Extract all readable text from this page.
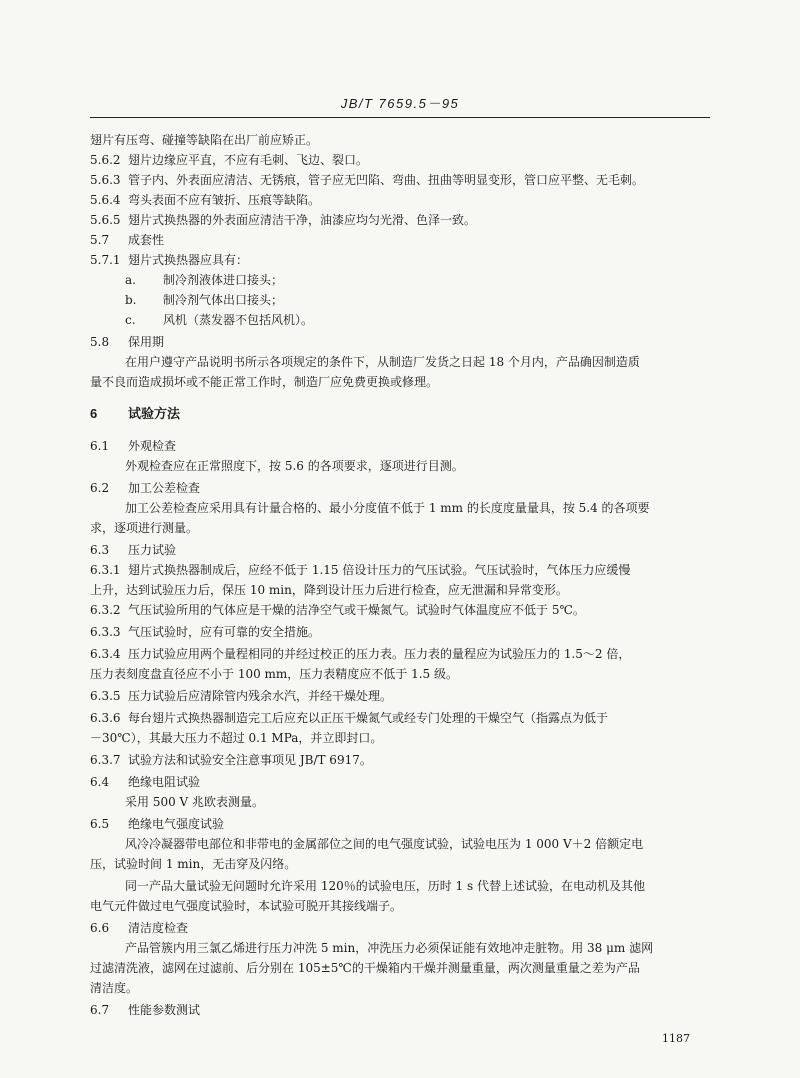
JB/T 7659.5－95
翅片有压弯、碰撞等缺陷在出厂前应矫正。
5.6.2 翅片边缘应平直，不应有毛刺、飞边、裂口。
5.6.3 管子内、外表面应清洁、无锈痕，管子应无凹陷、弯曲、扭曲等明显变形，管口应平整、无毛刺。
5.6.4 弯头表面不应有皱折、压痕等缺陷。
5.6.5 翅片式换热器的外表面应清洁干净，油漆应均匀光滑、色泽一致。
5.7 成套性
5.7.1 翅片式换热器应具有：
a. 制冷剂液体进口接头；
b. 制冷剂气体出口接头；
c. 风机（蒸发器不包括风机）。
5.8 保用期
在用户遵守产品说明书所示各项规定的条件下，从制造厂发货之日起 18 个月内，产品确因制造质
量不良而造成损坏或不能正常工作时，制造厂应免费更换或修理。
6 试验方法
6.1 外观检查
外观检查应在正常照度下，按 5.6 的各项要求，逐项进行目测。
6.2 加工公差检查
加工公差检查应采用具有计量合格的、最小分度值不低于 1 mm 的长度度量量具，按 5.4 的各项要
求，逐项进行测量。
6.3 压力试验
6.3.1 翅片式换热器制成后，应经不低于 1.15 倍设计压力的气压试验。气压试验时，气体压力应缓慢
上升，达到试验压力后，保压 10 min，降到设计压力后进行检查，应无泄漏和异常变形。
6.3.2 气压试验所用的气体应是干燥的洁净空气或干燥氮气。试验时气体温度应不低于 5℃。
6.3.3 气压试验时，应有可靠的安全措施。
6.3.4 压力试验应用两个量程相同的并经过校正的压力表。压力表的量程应为试验压力的 1.5～2 倍，
压力表刻度盘直径应不小于 100 mm，压力表精度应不低于 1.5 级。
6.3.5 压力试验后应清除管内残余水汽，并经干燥处理。
6.3.6 每台翅片式换热器制造完工后应充以正压干燥氮气或经专门处理的干燥空气（指露点为低于
－30℃），其最大压力不超过 0.1 MPa，并立即封口。
6.3.7 试验方法和试验安全注意事项见 JB/T 6917。
6.4 绝缘电阻试验
采用 500 V 兆欧表测量。
6.5 绝缘电气强度试验
风冷冷凝器带电部位和非带电的金属部位之间的电气强度试验，试验电压为 1 000 V＋2 倍额定电
压，试验时间 1 min，无击穿及闪络。
同一产品大量试验无问题时允许采用 120％的试验电压，历时 1 s 代替上述试验，在电动机及其他
电气元件做过电气强度试验时，本试验可脱开其接线端子。
6.6 清洁度检查
产品管簇内用三氯乙烯进行压力冲洗 5 min，冲洗压力必须保证能有效地冲走脏物。用 38 μm 滤网
过滤清洗液，滤网在过滤前、后分别在 105±5℃的干燥箱内干燥并测量重量，两次测量重量之差为产品
清洁度。
6.7 性能参数测试
1187
